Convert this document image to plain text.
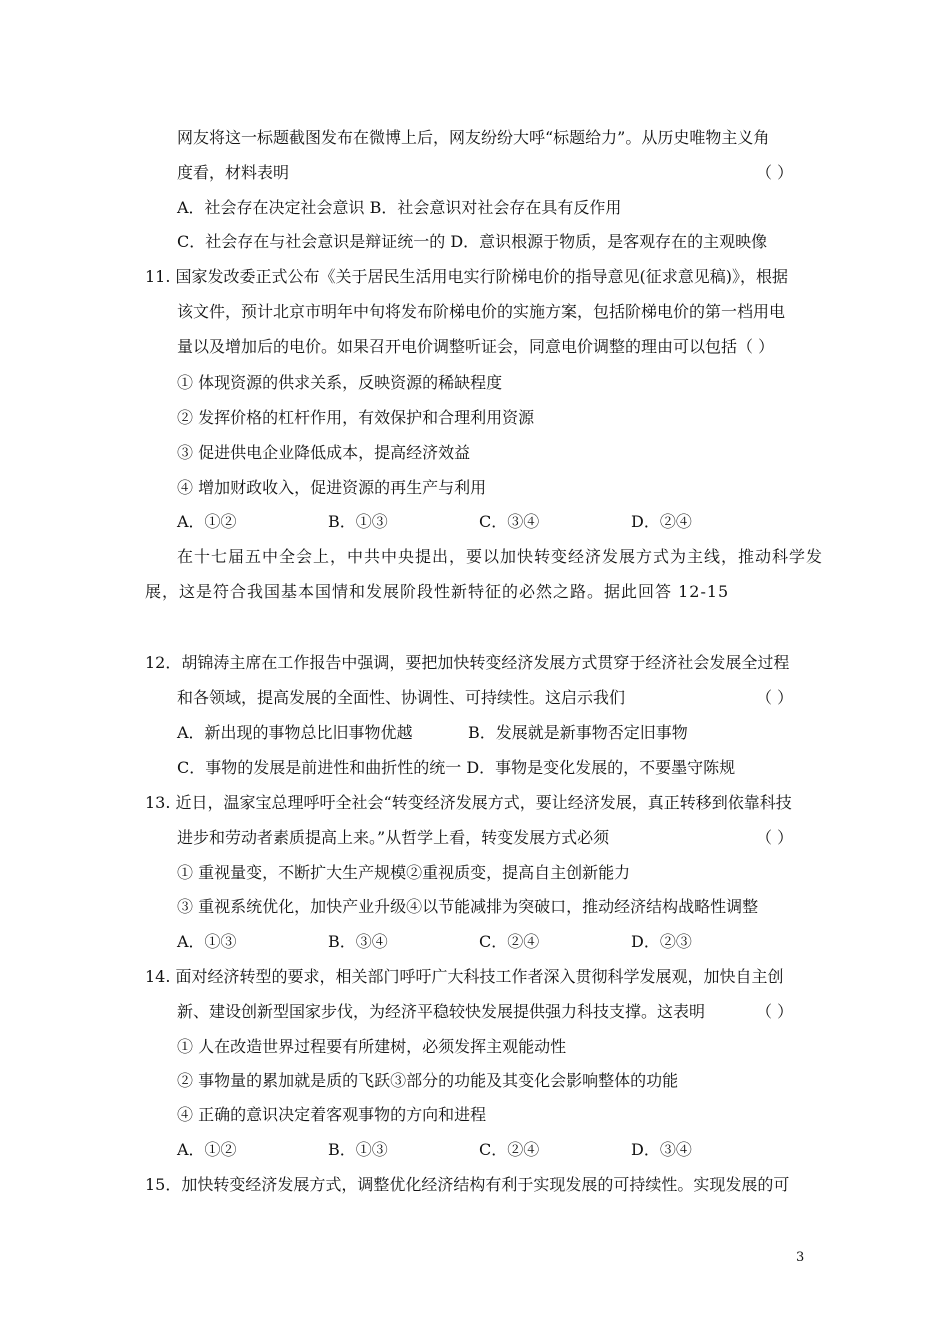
网友将这一标题截图发布在微博上后，网友纷纷大呼“标题给力”。从历史唯物主义角
度看，材料表明	（ ）
A．社会存在决定社会意识 B．社会意识对社会存在具有反作用
C．社会存在与社会意识是辩证统一的 D．意识根源于物质，是客观存在的主观映像
11. 国家发改委正式公布《关于居民生活用电实行阶梯电价的指导意见(征求意见稿)》，根据
该文件，预计北京市明年中旬将发布阶梯电价的实施方案，包括阶梯电价的第一档用电
量以及增加后的电价。如果召开电价调整听证会，同意电价调整的理由可以包括（ ）
① 体现资源的供求关系，反映资源的稀缺程度
② 发挥价格的杠杆作用，有效保护和合理利用资源
③ 促进供电企业降低成本，提高经济效益
④ 增加财政收入，促进资源的再生产与利用
A．①②	B．①③	C．③④	D．②④
在十七届五中全会上，中共中央提出，要以加快转变经济发展方式为主线，推动科学发
展，这是符合我国基本国情和发展阶段性新特征的必然之路。据此回答 12-15
12．胡锦涛主席在工作报告中强调，要把加快转变经济发展方式贯穿于经济社会发展全过程
和各领域，提高发展的全面性、协调性、可持续性。这启示我们	（ ）
A．新出现的事物总比旧事物优越	B．发展就是新事物否定旧事物
C．事物的发展是前进性和曲折性的统一 D．事物是变化发展的，不要墨守陈规
13. 近日，温家宝总理呼吁全社会“转变经济发展方式，要让经济发展，真正转移到依靠科技
进步和劳动者素质提高上来。”从哲学上看，转变发展方式必须	（ ）
① 重视量变，不断扩大生产规模②重视质变，提高自主创新能力
③ 重视系统优化，加快产业升级④以节能减排为突破口，推动经济结构战略性调整
A．①③	B．③④	C．②④	D．②③
14. 面对经济转型的要求，相关部门呼吁广大科技工作者深入贯彻科学发展观，加快自主创
新、建设创新型国家步伐，为经济平稳较快发展提供强力科技支撑。这表明	（ ）
① 人在改造世界过程要有所建树，必须发挥主观能动性
② 事物量的累加就是质的飞跃③部分的功能及其变化会影响整体的功能
④ 正确的意识决定着客观事物的方向和进程
A．①②	B．①③	C．②④	D．③④
15．加快转变经济发展方式，调整优化经济结构有利于实现发展的可持续性。实现发展的可
3
